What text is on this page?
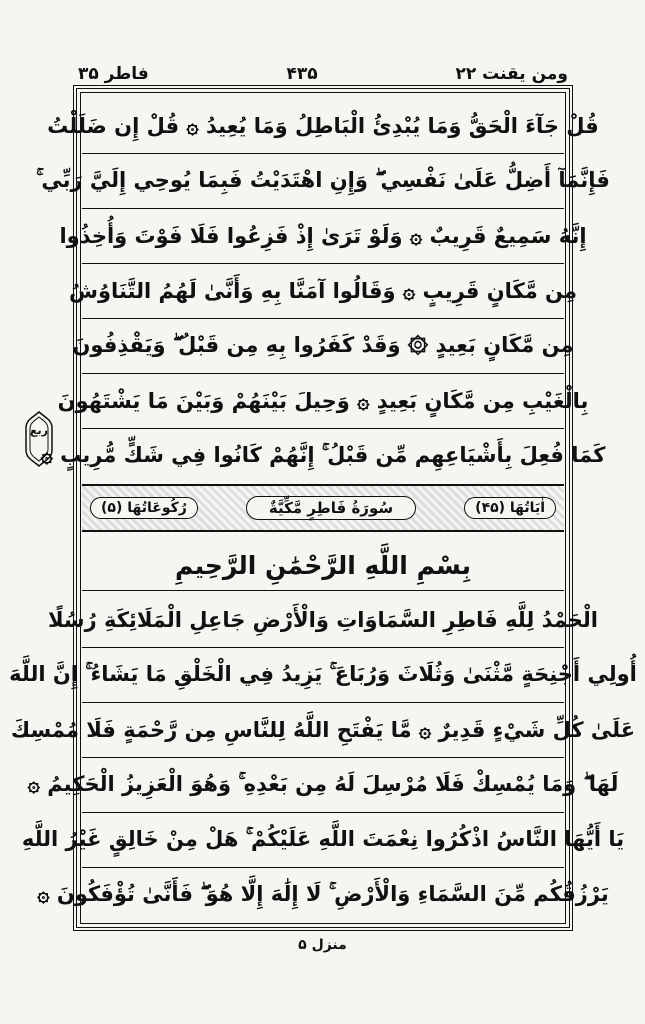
فاطر ۳۵	۴۳۵	ومن يقنت ۲۲
قُلْ جَآءَ الْحَقُّ وَمَا يُبْدِئُ الْبَاطِلُ وَمَا يُعِيدُ ۞ قُلْ إِن ضَلَلْتُ
فَإِنَّمَآ أَضِلُّ عَلَىٰ نَفْسِي ۖ وَإِنِ اهْتَدَيْتُ فَبِمَا يُوحِي إِلَيَّ رَبِّي ۚ
إِنَّهُ سَمِيعٌ قَرِيبٌ ۞ وَلَوْ تَرَىٰ إِذْ فَزِعُوا فَلَا فَوْتَ وَأُخِذُوا
مِن مَّكَانٍ قَرِيبٍ ۞ وَقَالُوا آمَنَّا بِهِ وَأَنَّىٰ لَهُمُ التَّنَاوُشُ
مِن مَّكَانٍ بَعِيدٍ ۞ وَقَدْ كَفَرُوا بِهِ مِن قَبْلُ ۖ وَيَقْذِفُونَ
بِالْغَيْبِ مِن مَّكَانٍ بَعِيدٍ ۞ وَحِيلَ بَيْنَهُمْ وَبَيْنَ مَا يَشْتَهُونَ
كَمَا فُعِلَ بِأَشْيَاعِهِم مِّن قَبْلُ ۚ إِنَّهُمْ كَانُوا فِي شَكٍّ مُّرِيبٍ ۞
اٰيَاتُهَا (۴۵)
سُورَةُ فَاطِرٍ مَّكِّيَّةٌ
رُكُوعَاتُهَا (۵)
بِسْمِ اللَّهِ الرَّحْمَٰنِ الرَّحِيمِ
الْحَمْدُ لِلَّهِ فَاطِرِ السَّمَاوَاتِ وَالْأَرْضِ جَاعِلِ الْمَلَائِكَةِ رُسُلًا
أُولِي أَجْنِحَةٍ مَّثْنَىٰ وَثُلَاثَ وَرُبَاعَ ۚ يَزِيدُ فِي الْخَلْقِ مَا يَشَاءُ ۚ إِنَّ اللَّهَ
عَلَىٰ كُلِّ شَيْءٍ قَدِيرٌ ۞ مَّا يَفْتَحِ اللَّهُ لِلنَّاسِ مِن رَّحْمَةٍ فَلَا مُمْسِكَ
لَهَا ۖ وَمَا يُمْسِكْ فَلَا مُرْسِلَ لَهُ مِن بَعْدِهِ ۚ وَهُوَ الْعَزِيزُ الْحَكِيمُ ۞
يَا أَيُّهَا النَّاسُ اذْكُرُوا نِعْمَتَ اللَّهِ عَلَيْكُمْ ۚ هَلْ مِنْ خَالِقٍ غَيْرُ اللَّهِ
يَرْزُقُكُم مِّنَ السَّمَاءِ وَالْأَرْضِ ۚ لَا إِلَٰهَ إِلَّا هُوَ ۖ فَأَنَّىٰ تُؤْفَكُونَ ۞
ربع
منزل ۵
